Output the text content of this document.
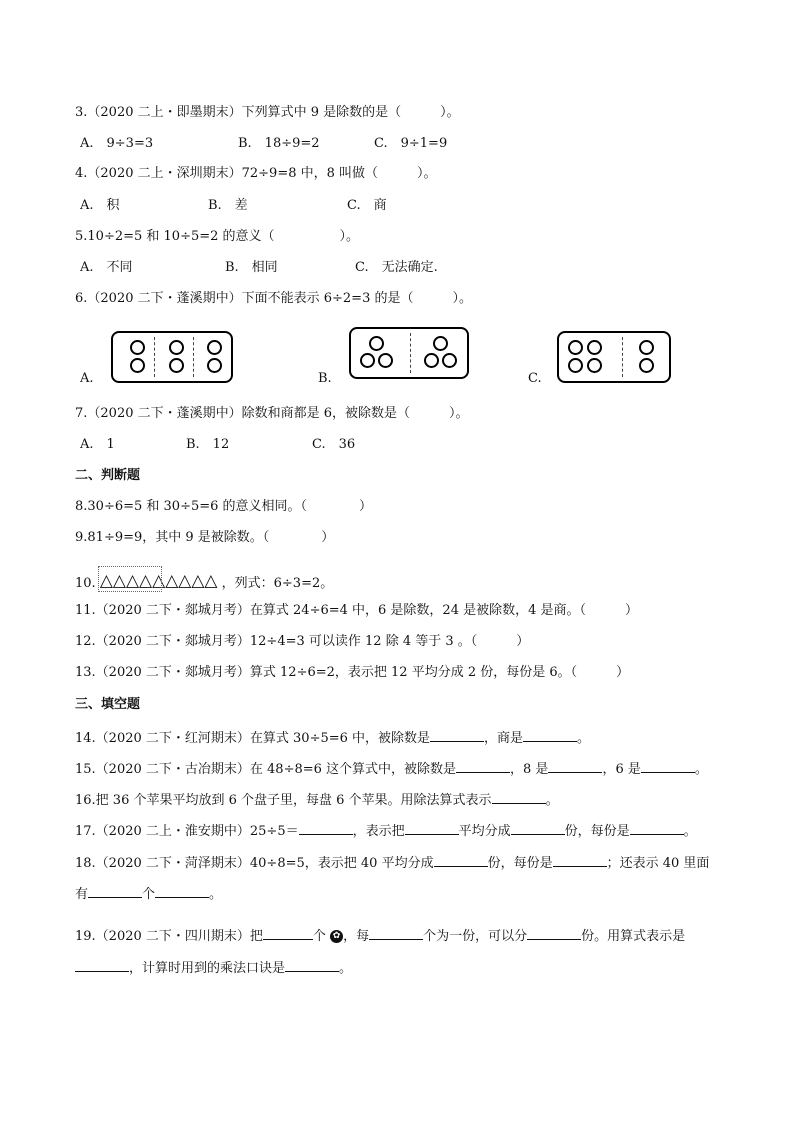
3.（2020 二上・即墨期末）下列算式中 9 是除数的是（　　　）。
A.　9÷3=3	B.　18÷9=2	C.　9÷1=9
4.（2020 二上・深圳期末）72÷9=8 中，8 叫做（　　　）。
A.　积	B.　差	C.　商
5.10÷2=5 和 10÷5=2 的意义（　　　　　）。
A.　不同	B.　相同	C.　无法确定.
6.（2020 二下・蓬溪期中）下面不能表示 6÷2=3 的是（　　　）。
A.	B.	C.
7.（2020 二下・蓬溪期中）除数和商都是 6，被除数是（　　　）。
A.　1	B.　12	C.　36
二、判断题
8.30÷6=5 和 30÷5=6 的意义相同。（　　　　）
9.81÷9=9，其中 9 是被除数。（　　　　）
10. △△△△△△△△△ ，列式：6÷3=2。
11.（2020 二下・郯城月考）在算式 24÷6=4 中，6 是除数，24 是被除数，4 是商。（　　　）
12.（2020 二下・郯城月考）12÷4=3 可以读作 12 除 4 等于 3 。（　　　）
13.（2020 二下・郯城月考）算式 12÷6=2，表示把 12 平均分成 2 份，每份是 6。（　　　）
三、填空题
14.（2020 二下・红河期末）在算式 30÷5=6 中，被除数是	，商是	。
15.（2020 二下・古冶期末）在 48÷8=6 这个算式中，被除数是	，8 是	，6 是	。
16.把 36 个苹果平均放到 6 个盘子里，每盘 6 个苹果。用除法算式表示	。
17.（2020 二上・淮安期中）25÷5＝	，表示把	平均分成	份，每份是	。
18.（2020 二下・菏泽期末）40÷8=5，表示把 40 平均分成	份，每份是	；还表示 40 里面
有	个	。
19.（2020 二下・四川期末）把	个 ✿ ，每	个为一份，可以分	份。用算式表示是
，计算时用到的乘法口诀是	。
